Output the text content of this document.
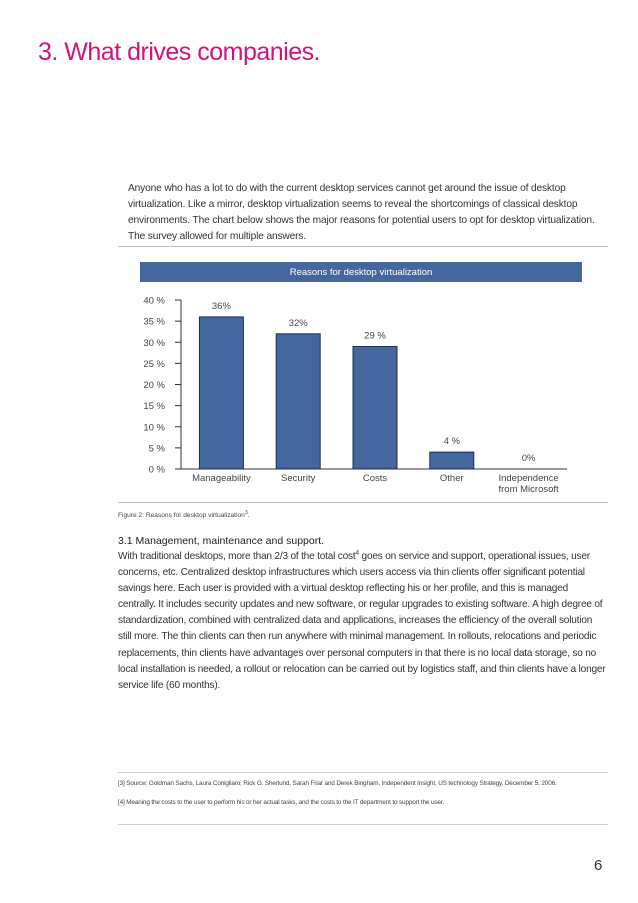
3. What drives companies.
Anyone who has a lot to do with the current desktop services cannot get around the issue of desktop virtualization. Like a mirror, desktop virtualization seems to reveal the shortcomings of classical desktop environments. The chart below shows the major reasons for potential users to opt for desktop virtualization. The survey allowed for multiple answers.
Reasons for desktop virtualization
0 %
5 %
10 %
15 %
20 %
25 %
30 %
35 %
40 %	36%
Manageability
32%
Security
29 %
Costs
4 %
Other
0%
Independence
from Microsoft
Figure 2: Reasons for desktop virtualization$^3$.
3.1 Management, maintenance and support.
With traditional desktops, more than 2/3 of the total cost$^4$ goes on service and support, operational issues, user concerns, etc. Centralized desktop infrastructures which users access via thin clients offer significant potential savings here. Each user is provided with a virtual desktop reflecting his or her profile, and this is managed centrally. It includes security updates and new software, or regular upgrades to existing software. A high degree of standardization, combined with centralized data and applications, increases the efficiency of the overall solution still more. The thin clients can then run anywhere with minimal management. In rollouts, relocations and periodic replacements, thin clients have advantages over personal computers in that there is no local data storage, so no local installation is needed, a rollout or relocation can be carried out by logistics staff, and thin clients have a longer service life (60 months).
[3] Source: Goldman Sachs, Laura Conigliaro, Rick G. Sherlund, Sarah Friar and Derek Bingham, Independent Insight, US technology Strategy, December 5, 2006.
[4] Meaning the costs to the user to perform his or her actual tasks, and the costs to the IT department to support the user.
6
